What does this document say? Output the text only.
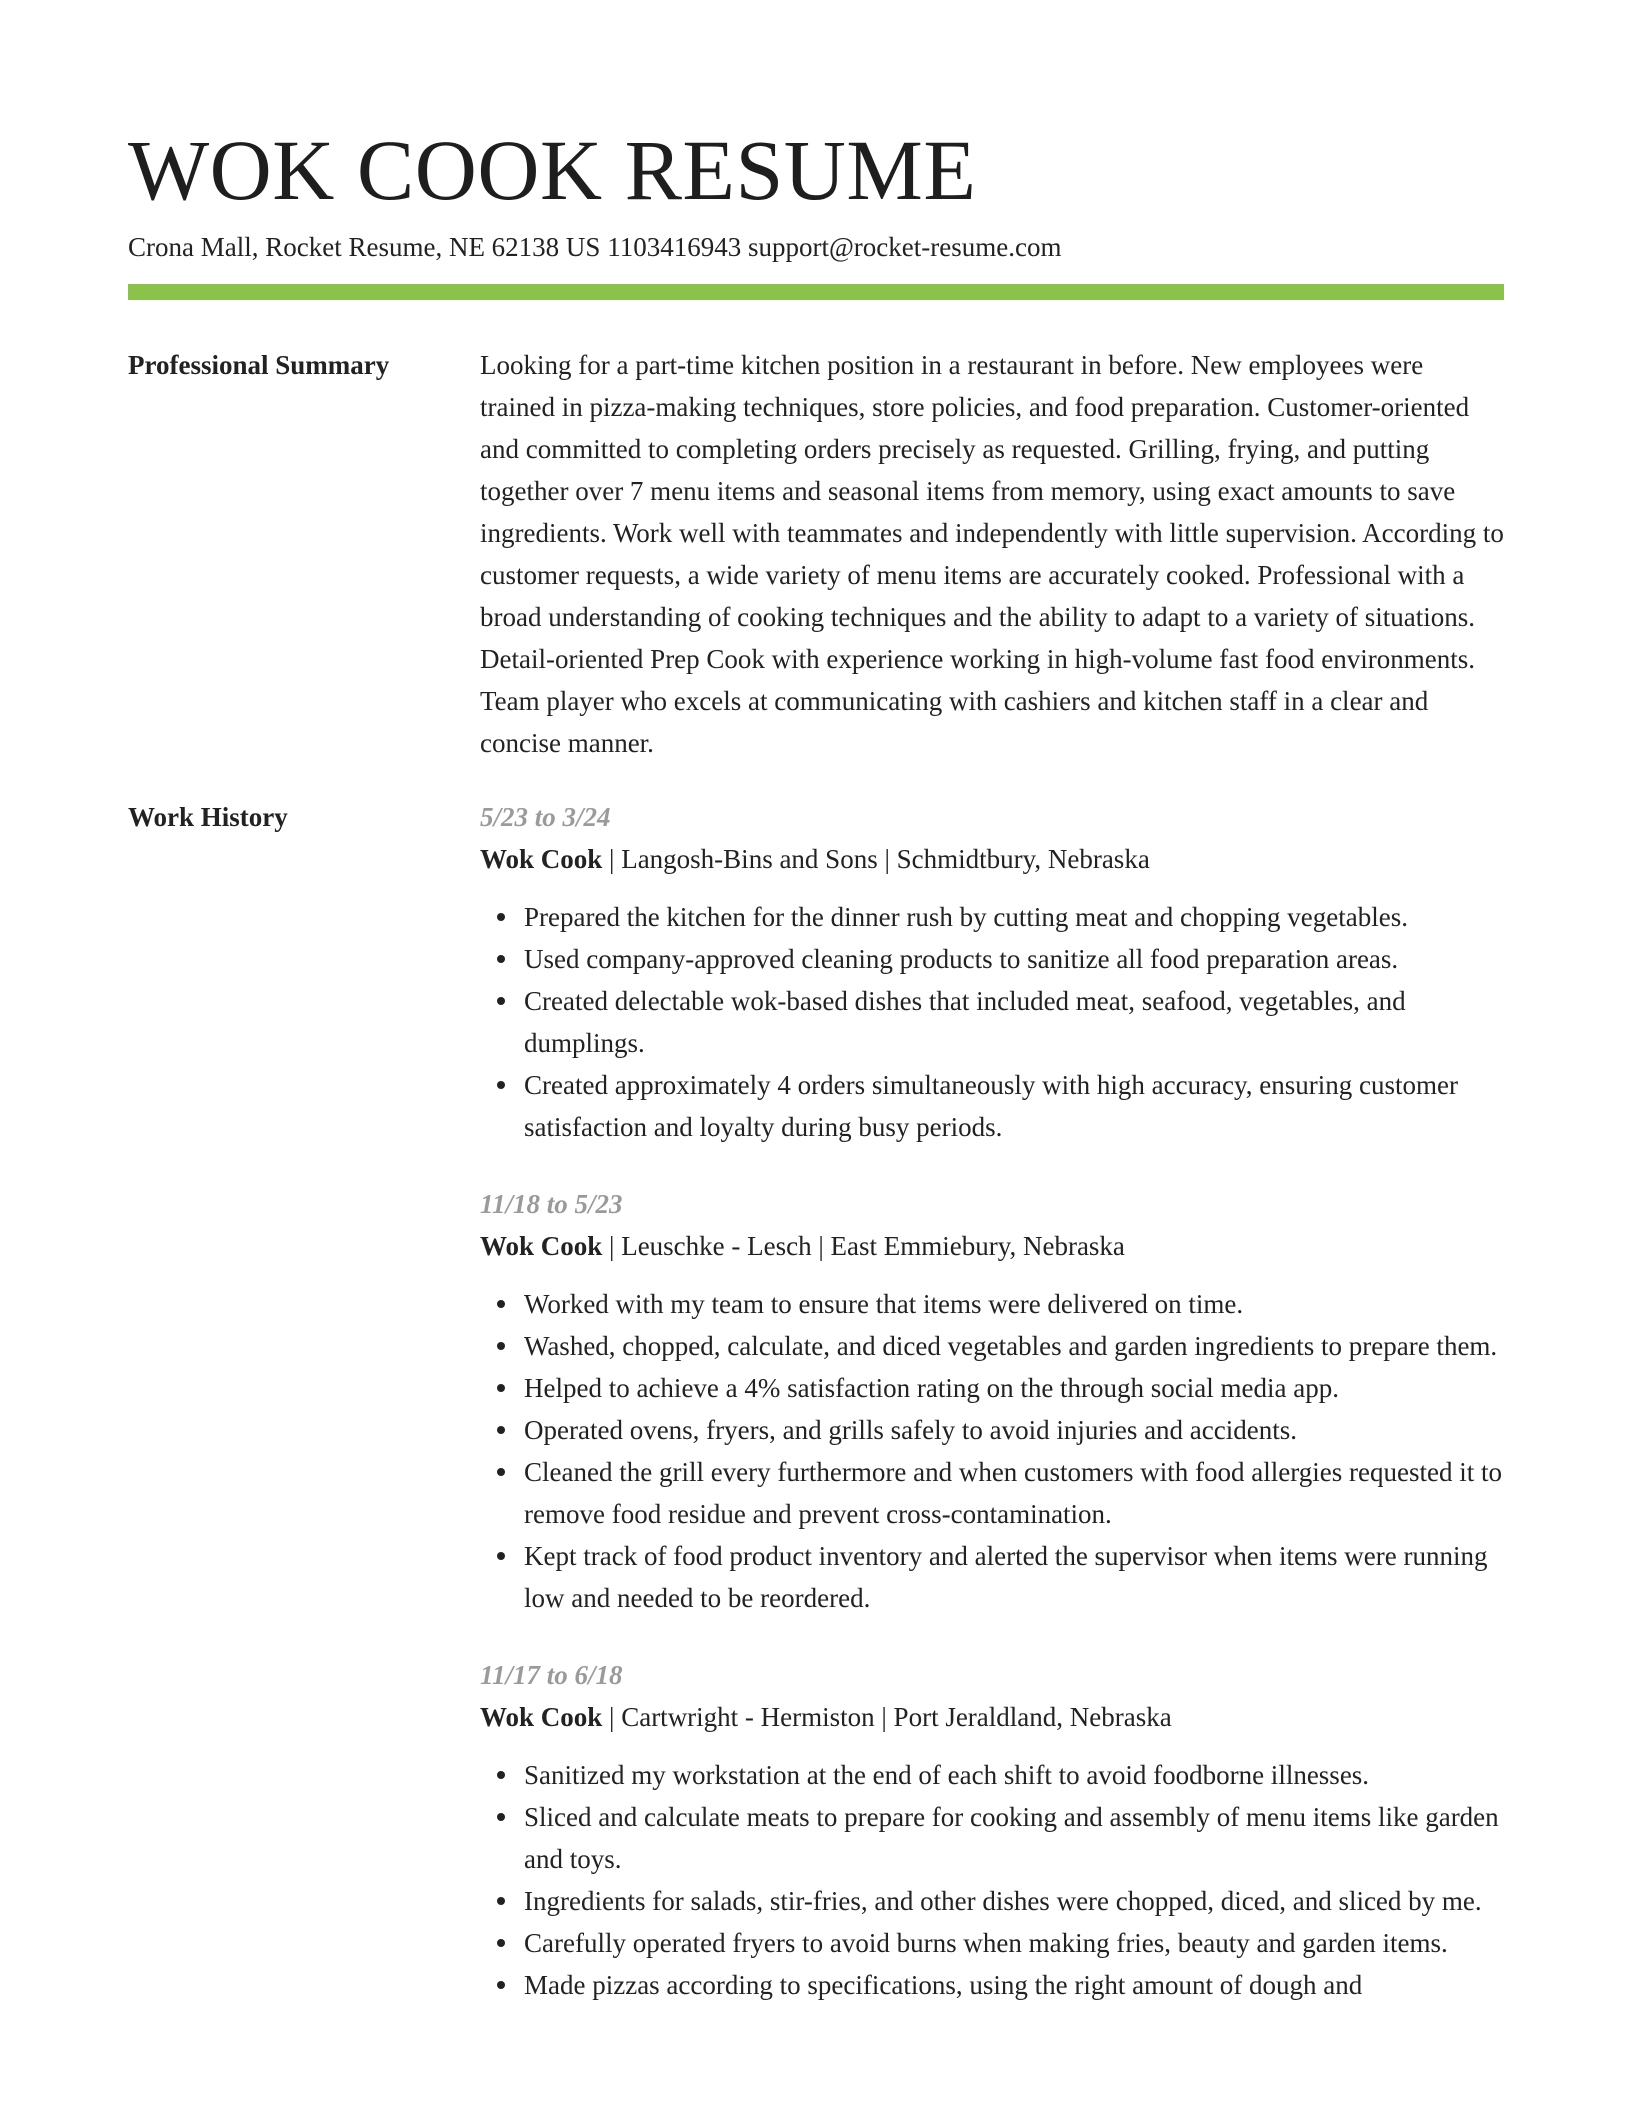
WOK COOK RESUME
Crona Mall, Rocket Resume, NE 62138 US 1103416943 support@rocket-resume.com
Professional Summary	Looking for a part-time kitchen position in a restaurant in before. New employees were trained in pizza-making techniques, store policies, and food preparation. Customer-oriented and committed to completing orders precisely as requested. Grilling, frying, and putting together over 7 menu items and seasonal items from memory, using exact amounts to save ingredients. Work well with teammates and independently with little supervision. According to customer requests, a wide variety of menu items are accurately cooked. Professional with a broad understanding of cooking techniques and the ability to adapt to a variety of situations. Detail-oriented Prep Cook with experience working in high-volume fast food environments. Team player who excels at communicating with cashiers and kitchen staff in a clear and concise manner.
Work History	5/23 to 3/24
Wok Cook | Langosh-Bins and Sons | Schmidtbury, Nebraska
Prepared the kitchen for the dinner rush by cutting meat and chopping vegetables.
Used company-approved cleaning products to sanitize all food preparation areas.
Created delectable wok-based dishes that included meat, seafood, vegetables, and dumplings.
Created approximately 4 orders simultaneously with high accuracy, ensuring customer satisfaction and loyalty during busy periods.
11/18 to 5/23
Wok Cook | Leuschke - Lesch | East Emmiebury, Nebraska
Worked with my team to ensure that items were delivered on time.
Washed, chopped, calculate, and diced vegetables and garden ingredients to prepare them.
Helped to achieve a 4% satisfaction rating on the through social media app.
Operated ovens, fryers, and grills safely to avoid injuries and accidents.
Cleaned the grill every furthermore and when customers with food allergies requested it to remove food residue and prevent cross-contamination.
Kept track of food product inventory and alerted the supervisor when items were running low and needed to be reordered.
11/17 to 6/18
Wok Cook | Cartwright - Hermiston | Port Jeraldland, Nebraska
Sanitized my workstation at the end of each shift to avoid foodborne illnesses.
Sliced and calculate meats to prepare for cooking and assembly of menu items like garden and toys.
Ingredients for salads, stir-fries, and other dishes were chopped, diced, and sliced by me.
Carefully operated fryers to avoid burns when making fries, beauty and garden items.
Made pizzas according to specifications, using the right amount of dough and
